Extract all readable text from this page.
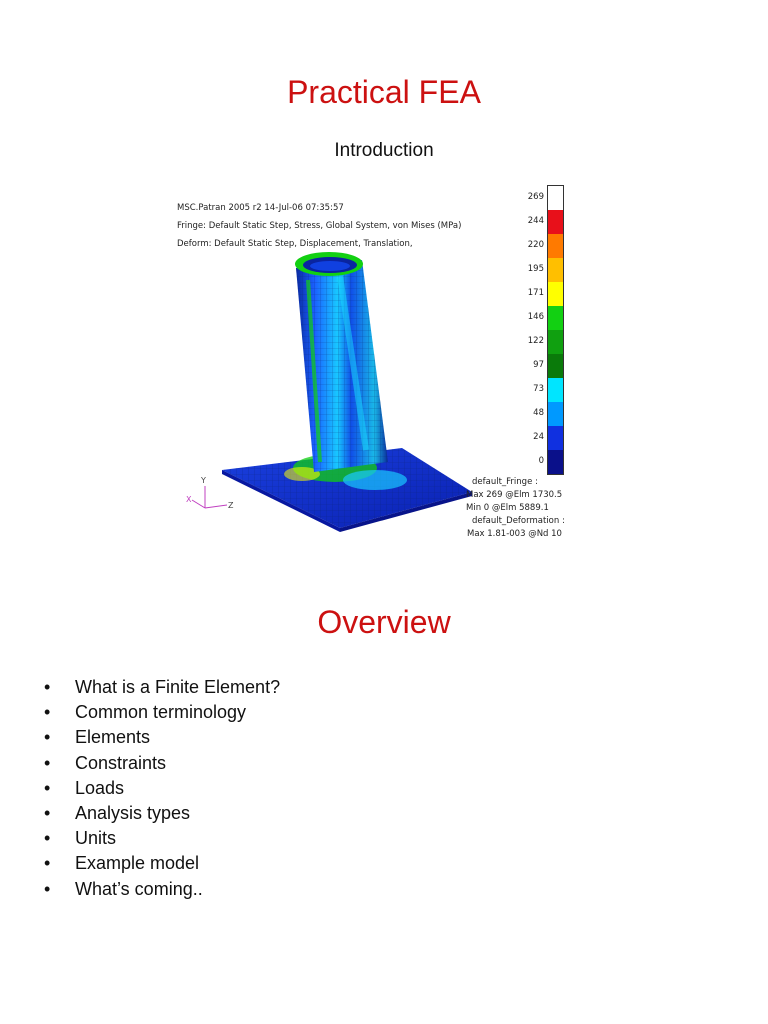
Practical FEA
Introduction
MSC.Patran 2005 r2 14-Jul-06 07:35:57
Fringe: Default Static Step, Stress, Global System, von Mises (MPa)
Deform: Default Static Step, Displacement, Translation,
Y
Z
X
269
244
220
195
171
146
122
97
73
48
24
0
default_Fringe :
Max 269 @Elm 1730.5
Min 0 @Elm 5889.1
default_Deformation :
Max 1.81-003 @Nd 10
Overview
• What is a Finite Element?
• Common terminology
• Elements
• Constraints
• Loads
• Analysis types
• Units
• Example model
• What’s coming..
